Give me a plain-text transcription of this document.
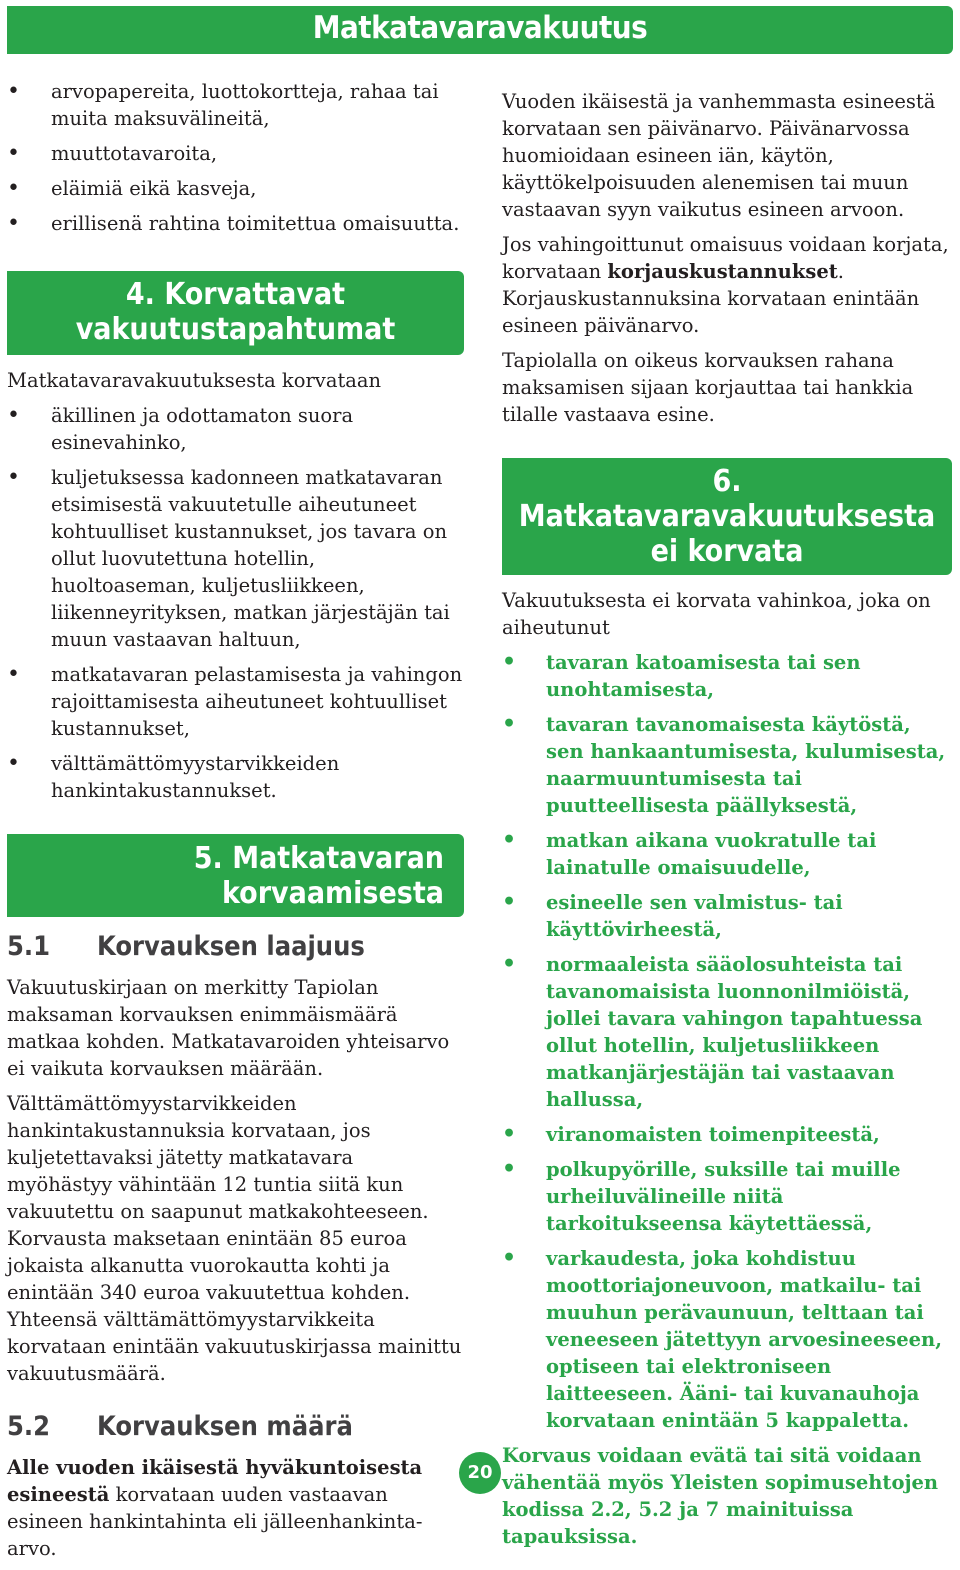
Matkatavaravakuutus
• arvopapereita, luottokortteja, rahaa tai muita maksuvälineitä,
• muuttotavaroita,
• eläimiä eikä kasveja,
• erillisenä rahtina toimitettua omaisuutta.
4. Korvattavat
vakuutustapahtumat

Matkatavaravakuutuksesta korvataan

• äkillinen ja odottamaton suora esinevahinko,
• kuljetuksessa kadonneen matkatavaran etsimisestä vakuutetulle aiheutuneet kohtuulliset kustannukset, jos tavara on ollut luovutettuna hotellin, huoltoaseman, kuljetusliikkeen, liikenneyrityksen, matkan järjestäjän tai muun vastaavan haltuun,
• matkatavaran pelastamisesta ja vahingon rajoittamisesta aiheutuneet kohtuulliset kustannukset,
• välttämättömyystarvikkeiden hankintakustannukset.
5. Matkatavaran korvaamisesta
5.1 Korvauksen laajuus

Vakuutuskirjaan on merkitty Tapiolan maksaman korvauksen enimmäismäärä matkaa kohden. Matkatavaroiden yhteisarvo ei vaikuta korvauksen määrään.

Välttämättömyystarvikkeiden hankintakustannuksia korvataan, jos kuljetettavaksi jätetty matkatavara myöhästyy vähintään 12 tuntia siitä kun vakuutettu on saapunut matkakohteeseen. Korvausta maksetaan enintään 85 euroa jokaista alkanutta vuorokautta kohti ja enintään 340 euroa vakuutettua kohden. Yhteensä välttämättömyystarvikkeita korvataan enintään vakuutuskirjassa mainittu vakuutusmäärä.

5.2 Korvauksen määrä

Alle vuoden ikäisestä hyväkuntoisesta esineestä korvataan uuden vastaavan esineen hankintahinta eli jälleenhankinta-arvo.

Vuoden ikäisestä ja vanhemmasta esineestä korvataan sen päivänarvo. Päivänarvossa huomioidaan esineen iän, käytön, käyttökelpoisuuden alenemisen tai muun vastaavan syyn vaikutus esineen arvoon.

Jos vahingoittunut omaisuus voidaan korjata, korvataan korjauskustannukset. Korjauskustannuksina korvataan enintään esineen päivänarvo.

Tapiolalla on oikeus korvauksen rahana maksamisen sijaan korjauttaa tai hankkia tilalle vastaava esine.

6. Matkatavaravakuutuksesta
ei korvata

Vakuutuksesta ei korvata vahinkoa, joka on aiheutunut

• tavaran katoamisesta tai sen unohtamisesta,
• tavaran tavanomaisesta käytöstä, sen hankaantumisesta, kulumisesta, naarmuuntumisesta tai puutteellisesta päällyksestä,
• matkan aikana vuokratulle tai lainatulle omaisuudelle,
• esineelle sen valmistus- tai käyttövirheestä,
• normaaleista sääolosuhteista tai tavanomaisista luonnonilmiöistä, jollei tavara vahingon tapahtuessa ollut hotellin, kuljetusliikkeen matkanjärjestäjän tai vastaavan hallussa,
• viranomaisten toimenpiteestä,
• polkupyörille, suksille tai muille urheiluvälineille niitä tarkoitukseensa käytettäessä,
• varkaudesta, joka kohdistuu moottoriajoneuvoon, matkailu- tai muuhun perävaunuun, telttaan tai veneeseen jätettyyn arvoesineeseen, optiseen tai elektroniseen laitteeseen. Ääni- tai kuvanauhoja korvataan enintään 5 kappaletta.

Korvaus voidaan evätä tai sitä voidaan vähentää myös Yleisten sopimusehtojen kodissa 2.2, 5.2 ja 7 mainituissa tapauksissa.

20
